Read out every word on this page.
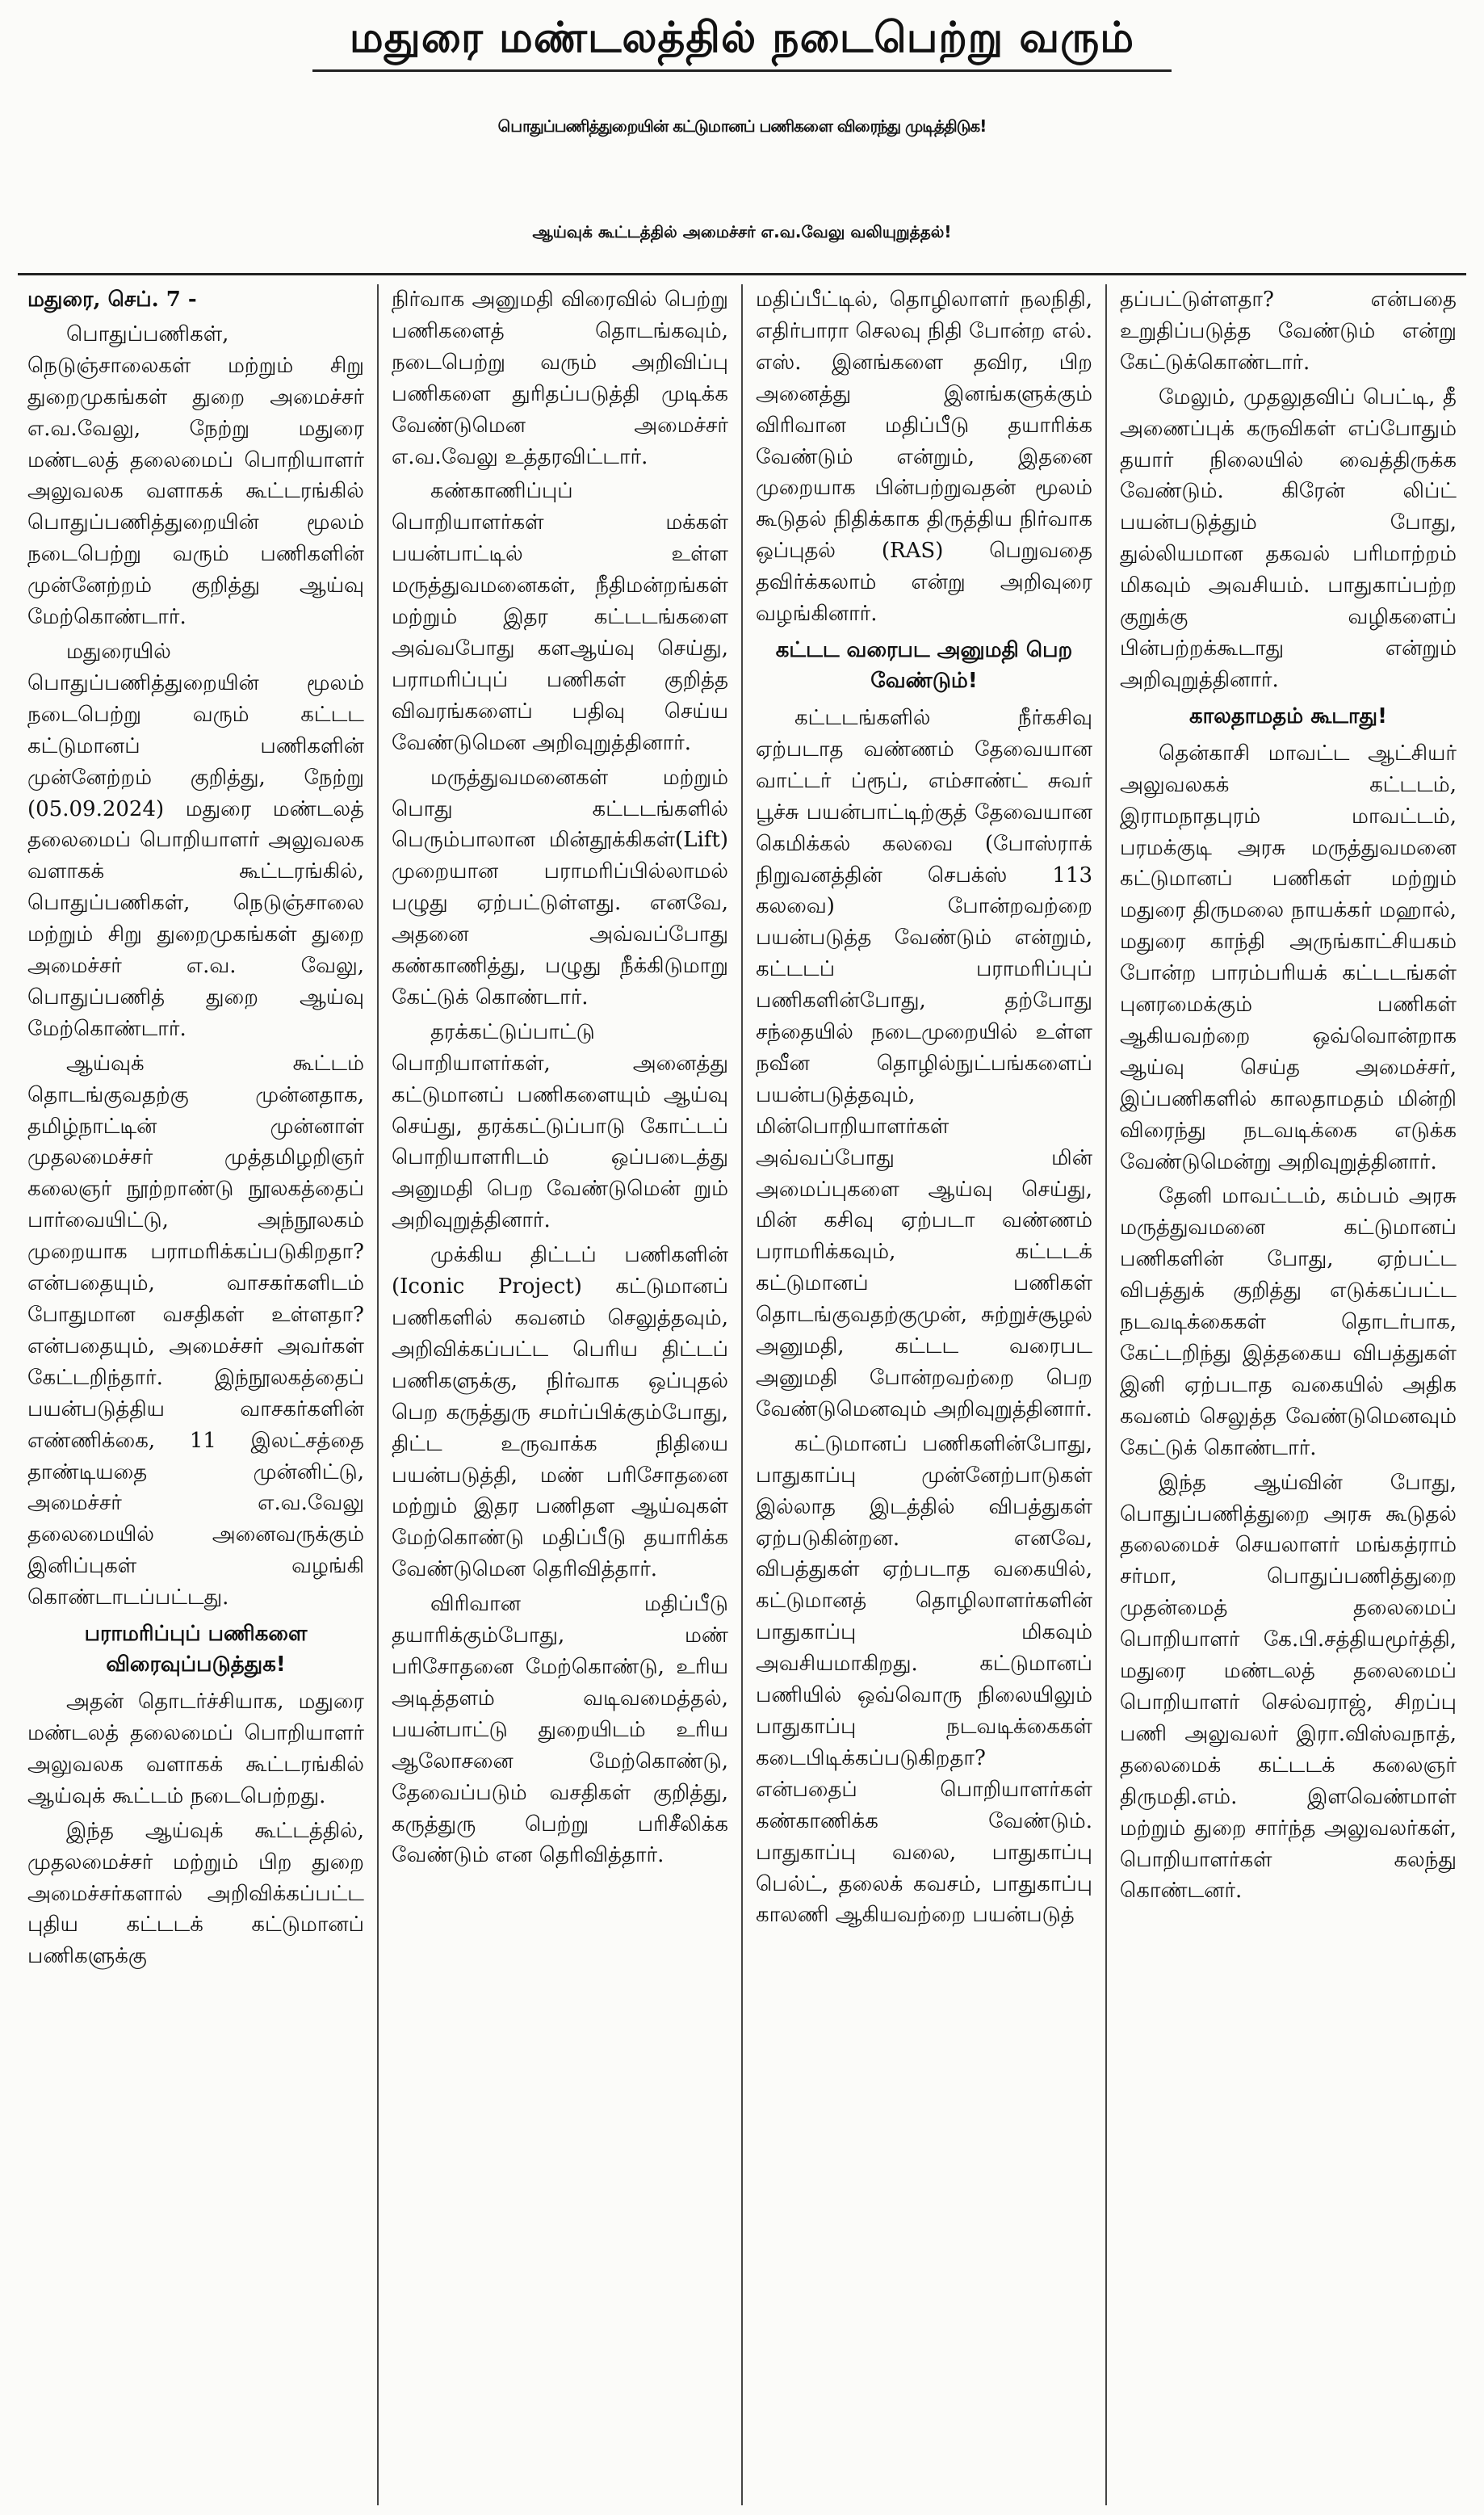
மதுரை மண்டலத்தில் நடைபெற்று வரும்
பொதுப்பணித்துறையின் கட்டுமானப் பணிகளை விரைந்து முடித்திடுக!
ஆய்வுக் கூட்டத்தில் அமைச்சர் எ.வ.வேலு வலியுறுத்தல்!

மதுரை, செப். 7 -

பொதுப்பணிகள், நெடுஞ்சாலைகள் மற்றும் சிறு துறைமுகங்கள் துறை அமைச்சர் எ.வ.வேலு, நேற்று மதுரை மண்டலத் தலைமைப் பொறியாளர் அலுவலக வளாகக் கூட்டரங்கில் பொதுப்பணித்துறையின் மூலம் நடைபெற்று வரும் பணிகளின் முன்னேற்றம் குறித்து ஆய்வு மேற்கொண்டார்.

மதுரையில் பொதுப்பணித்துறையின் மூலம் நடைபெற்று வரும் கட்டட கட்டுமானப் பணிகளின் முன்னேற்றம் குறித்து, நேற்று (05.09.2024) மதுரை மண்டலத் தலைமைப் பொறியாளர் அலுவலக வளாகக் கூட்டரங்கில், பொதுப்பணிகள், நெடுஞ்சாலை மற்றும் சிறு துறைமுகங்கள் துறை அமைச்சர் எ.வ. வேலு, பொதுப்பணித் துறை ஆய்வு மேற்கொண்டார்.

ஆய்வுக் கூட்டம் தொடங்குவதற்கு முன்னதாக, தமிழ்நாட்டின் முன்னாள் முதலமைச்சர் முத்தமிழறிஞர் கலைஞர் நூற்றாண்டு நூலகத்தைப் பார்வையிட்டு, அந்நூலகம் முறையாக பராமரிக்கப்படுகிறதா? என்பதையும், வாசகர்களிடம் போதுமான வசதிகள் உள்ளதா? என்பதையும், அமைச்சர் அவர்கள் கேட்டறிந்தார். இந்நூலகத்தைப் பயன்படுத்திய வாசகர்களின் எண்ணிக்கை, 11 இலட்சத்தை தாண்டியதை முன்னிட்டு, அமைச்சர் எ.வ.வேலு தலைமையில் அனைவருக்கும் இனிப்புகள் வழங்கி கொண்டாடப்பட்டது.

பராமரிப்புப் பணிகளை விரைவுப்படுத்துக!

அதன் தொடர்ச்சியாக, மதுரை மண்டலத் தலைமைப் பொறியாளர் அலுவலக வளாகக் கூட்டரங்கில் ஆய்வுக் கூட்டம் நடைபெற்றது.

இந்த ஆய்வுக் கூட்டத்தில், முதலமைச்சர் மற்றும் பிற துறை அமைச்சர்களால் அறிவிக்கப்பட்ட புதிய கட்டடக் கட்டுமானப் பணிகளுக்கு

நிர்வாக அனுமதி விரைவில் பெற்று பணிகளைத் தொடங்கவும், நடைபெற்று வரும் அறிவிப்பு பணிகளை துரிதப்படுத்தி முடிக்க வேண்டுமென அமைச்சர் எ.வ.வேலு உத்தரவிட்டார்.

கண்காணிப்புப் பொறியாளர்கள் மக்கள் பயன்பாட்டில் உள்ள மருத்துவமனைகள், நீதிமன்றங்கள் மற்றும் இதர கட்டடங்களை அவ்வபோது களஆய்வு செய்து, பராமரிப்புப் பணிகள் குறித்த விவரங்களைப் பதிவு செய்ய வேண்டுமென அறிவுறுத்தினார்.

மருத்துவமனைகள் மற்றும் பொது கட்டடங்களில் பெரும்பாலான மின்தூக்கிகள்(Lift) முறையான பராமரிப்பில்லாமல் பழுது ஏற்பட்டுள்ளது. எனவே, அதனை அவ்வப்போது கண்காணித்து, பழுது நீக்கிடுமாறு கேட்டுக் கொண்டார்.

தரக்கட்டுப்பாட்டு பொறியாளர்கள், அனைத்து கட்டுமானப் பணிகளையும் ஆய்வு செய்து, தரக்கட்டுப்பாடு கோட்டப் பொறியாளரிடம் ஒப்படைத்து அனுமதி பெற வேண்டுமென் றும் அறிவுறுத்தினார்.

முக்கிய திட்டப் பணிகளின் (Iconic Project) கட்டுமானப் பணிகளில் கவனம் செலுத்தவும், அறிவிக்கப்பட்ட பெரிய திட்டப் பணிகளுக்கு, நிர்வாக ஒப்புதல் பெற கருத்துரு சமர்ப்பிக்கும்போது, திட்ட உருவாக்க நிதியை பயன்படுத்தி, மண் பரிசோதனை மற்றும் இதர பணிதள ஆய்வுகள் மேற்கொண்டு மதிப்பீடு தயாரிக்க வேண்டுமென தெரிவித்தார்.

விரிவான மதிப்பீடு தயாரிக்கும்போது, மண் பரிசோதனை மேற்கொண்டு, உரிய அடித்தளம் வடிவமைத்தல், பயன்பாட்டு துறையிடம் உரிய ஆலோசனை மேற்கொண்டு, தேவைப்படும் வசதிகள் குறித்து, கருத்துரு பெற்று பரிசீலிக்க வேண்டும் என தெரிவித்தார்.

மதிப்பீட்டில், தொழிலாளர் நலநிதி, எதிர்பாரா செலவு நிதி போன்ற எல். எஸ். இனங்களை தவிர, பிற அனைத்து இனங்களுக்கும் விரிவான மதிப்பீடு தயாரிக்க வேண்டும் என்றும், இதனை முறையாக பின்பற்றுவதன் மூலம் கூடுதல் நிதிக்காக திருத்திய நிர்வாக ஒப்புதல் (RAS) பெறுவதை தவிர்க்கலாம் என்று அறிவுரை வழங்கினார்.

கட்டட வரைபட அனுமதி பெற வேண்டும்!

கட்டடங்களில் நீர்கசிவு ஏற்படாத வண்ணம் தேவையான வாட்டர் ப்ரூப், எம்சாண்ட் சுவர் பூச்சு பயன்பாட்டிற்குத் தேவையான கெமிக்கல் கலவை (போஸ்ராக் நிறுவனத்தின் செபக்ஸ் 113 கலவை) போன்றவற்றை பயன்படுத்த வேண்டும் என்றும், கட்டடப் பராமரிப்புப் பணிகளின்போது, தற்போது சந்தையில் நடைமுறையில் உள்ள நவீன தொழில்நுட்பங்களைப் பயன்படுத்தவும், மின்பொறியாளர்கள் அவ்வப்போது மின் அமைப்புகளை ஆய்வு செய்து, மின் கசிவு ஏற்படா வண்ணம் பராமரிக்கவும், கட்டடக் கட்டுமானப் பணிகள் தொடங்குவதற்குமுன், சுற்றுச்சூழல் அனுமதி, கட்டட வரைபட அனுமதி போன்றவற்றை பெற வேண்டுமெனவும் அறிவுறுத்தினார்.

கட்டுமானப் பணிகளின்போது, பாதுகாப்பு முன்னேற்பாடுகள் இல்லாத இடத்தில் விபத்துகள் ஏற்படுகின்றன. எனவே, விபத்துகள் ஏற்படாத வகையில், கட்டுமானத் தொழிலாளர்களின் பாதுகாப்பு மிகவும் அவசியமாகிறது. கட்டுமானப் பணியில் ஒவ்வொரு நிலையிலும் பாதுகாப்பு நடவடிக்கைகள் கடைபிடிக்கப்படுகிறதா? என்பதைப் பொறியாளர்கள் கண்காணிக்க வேண்டும். பாதுகாப்பு வலை, பாதுகாப்பு பெல்ட், தலைக் கவசம், பாதுகாப்பு காலணி ஆகியவற்றை பயன்படுத்

தப்பட்டுள்ளதா? என்பதை உறுதிப்படுத்த வேண்டும் என்று கேட்டுக்கொண்டார்.

மேலும், முதலுதவிப் பெட்டி, தீ அணைப்புக் கருவிகள் எப்போதும் தயார் நிலையில் வைத்திருக்க வேண்டும். கிரேன் லிப்ட் பயன்படுத்தும் போது, துல்லியமான தகவல் பரிமாற்றம் மிகவும் அவசியம். பாதுகாப்பற்ற குறுக்கு வழிகளைப் பின்பற்றக்கூடாது என்றும் அறிவுறுத்தினார்.

காலதாமதம் கூடாது!

தென்காசி மாவட்ட ஆட்சியர் அலுவலகக் கட்டடம், இராமநாதபுரம் மாவட்டம், பரமக்குடி அரசு மருத்துவமனை கட்டுமானப் பணிகள் மற்றும் மதுரை திருமலை நாயக்கர் மஹால், மதுரை காந்தி அருங்காட்சியகம் போன்ற பாரம்பரியக் கட்டடங்கள் புனரமைக்கும் பணிகள் ஆகியவற்றை ஒவ்வொன்றாக ஆய்வு செய்த அமைச்சர், இப்பணிகளில் காலதாமதம் மின்றி விரைந்து நடவடிக்கை எடுக்க வேண்டுமென்று அறிவுறுத்தினார்.

தேனி மாவட்டம், கம்பம் அரசு மருத்துவமனை கட்டுமானப் பணிகளின் போது, ஏற்பட்ட விபத்துக் குறித்து எடுக்கப்பட்ட நடவடிக்கைகள் தொடர்பாக, கேட்டறிந்து இத்தகைய விபத்துகள் இனி ஏற்படாத வகையில் அதிக கவனம் செலுத்த வேண்டுமெனவும் கேட்டுக் கொண்டார்.

இந்த ஆய்வின் போது, பொதுப்பணித்துறை அரசு கூடுதல் தலைமைச் செயலாளர் மங்கத்ராம் சர்மா, பொதுப்பணித்துறை முதன்மைத் தலைமைப் பொறியாளர் கே.பி.சத்தியமூர்த்தி, மதுரை மண்டலத் தலைமைப் பொறியாளர் செல்வராஜ், சிறப்பு பணி அலுவலர் இரா.விஸ்வநாத், தலைமைக் கட்டடக் கலைஞர் திருமதி.எம். இளவெண்மாள் மற்றும் துறை சார்ந்த அலுவலர்கள், பொறியாளர்கள் கலந்து கொண்டனர்.
